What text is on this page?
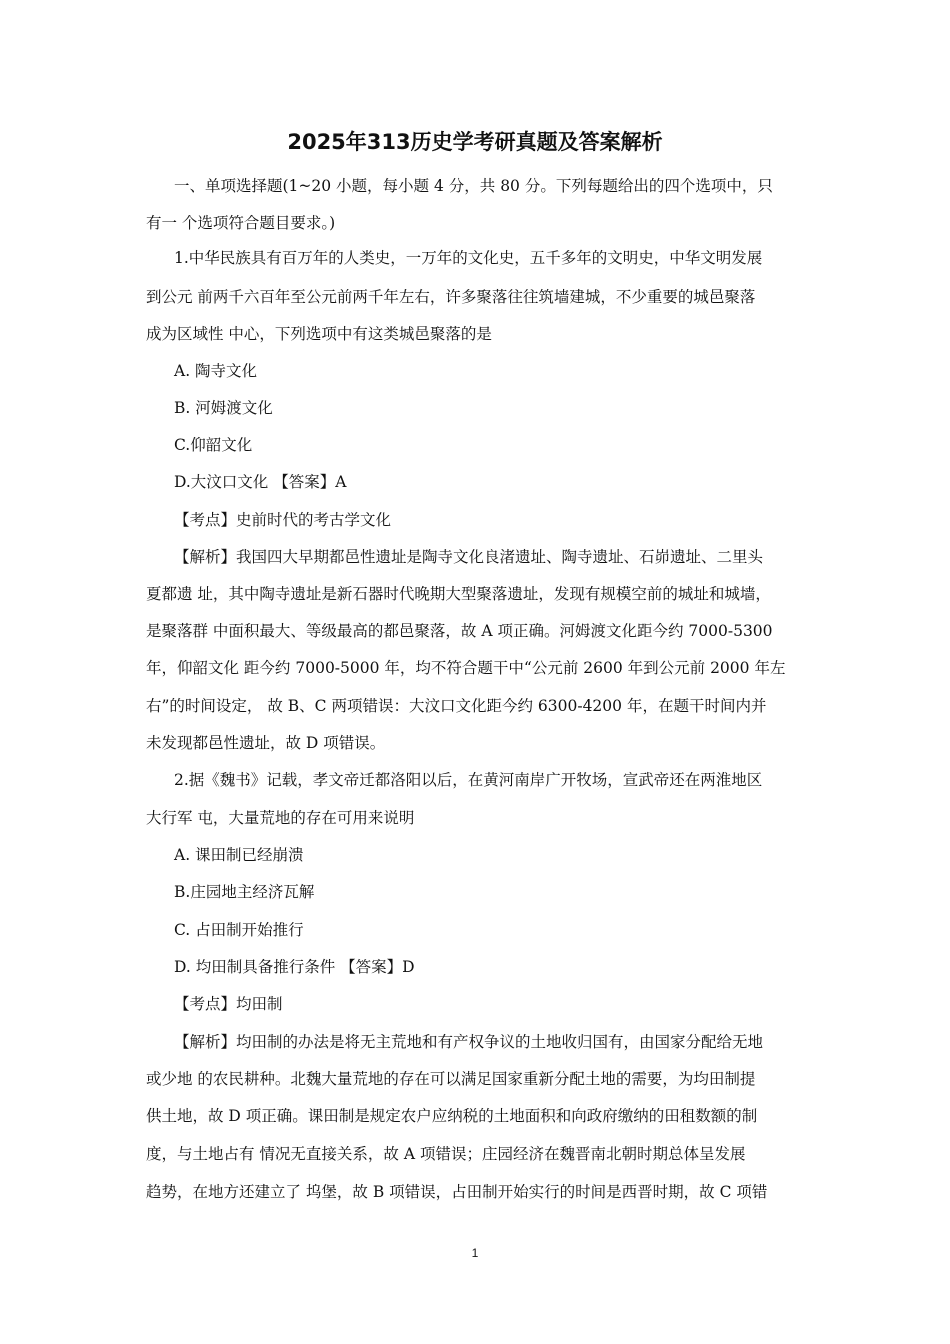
2025年313历史学考研真题及答案解析
一、单项选择题(1~20 小题，每小题 4 分，共 80 分。下列每题给出的四个选项中，只
有一 个选项符合题目要求。)
1.中华民族具有百万年的人类史，一万年的文化史，五千多年的文明史，中华文明发展
到公元 前两千六百年至公元前两千年左右，许多聚落往往筑墙建城，不少重要的城邑聚落
成为区域性 中心，下列选项中有这类城邑聚落的是
A. 陶寺文化
B. 河姆渡文化
C.仰韶文化
D.大汶口文化 【答案】A
【考点】史前时代的考古学文化
【解析】我国四大早期都邑性遗址是陶寺文化良渚遗址、陶寺遗址、石峁遗址、二里头
夏都遗 址，其中陶寺遗址是新石器时代晚期大型聚落遗址，发现有规模空前的城址和城墙，
是聚落群 中面积最大、等级最高的都邑聚落，故 A 项正确。河姆渡文化距今约 7000-5300
年，仰韶文化 距今约 7000-5000 年，均不符合题干中“公元前 2600 年到公元前 2000 年左
右”的时间设定， 故 B、C 两项错误：大汶口文化距今约 6300-4200 年，在题干时间内并
未发现都邑性遗址，故 D 项错误。
2.据《魏书》记载，孝文帝迁都洛阳以后，在黄河南岸广开牧场，宣武帝还在两淮地区
大行军 屯，大量荒地的存在可用来说明
A. 课田制已经崩溃
B.庄园地主经济瓦解
C. 占田制开始推行
D. 均田制具备推行条件 【答案】D
【考点】均田制
【解析】均田制的办法是将无主荒地和有产权争议的土地收归国有，由国家分配给无地
或少地 的农民耕种。北魏大量荒地的存在可以满足国家重新分配土地的需要，为均田制提
供土地，故 D 项正确。课田制是规定农户应纳税的土地面积和向政府缴纳的田租数额的制
度，与土地占有 情况无直接关系，故 A 项错误；庄园经济在魏晋南北朝时期总体呈发展
趋势，在地方还建立了 坞堡，故 B 项错误，占田制开始实行的时间是西晋时期，故 C 项错
1
